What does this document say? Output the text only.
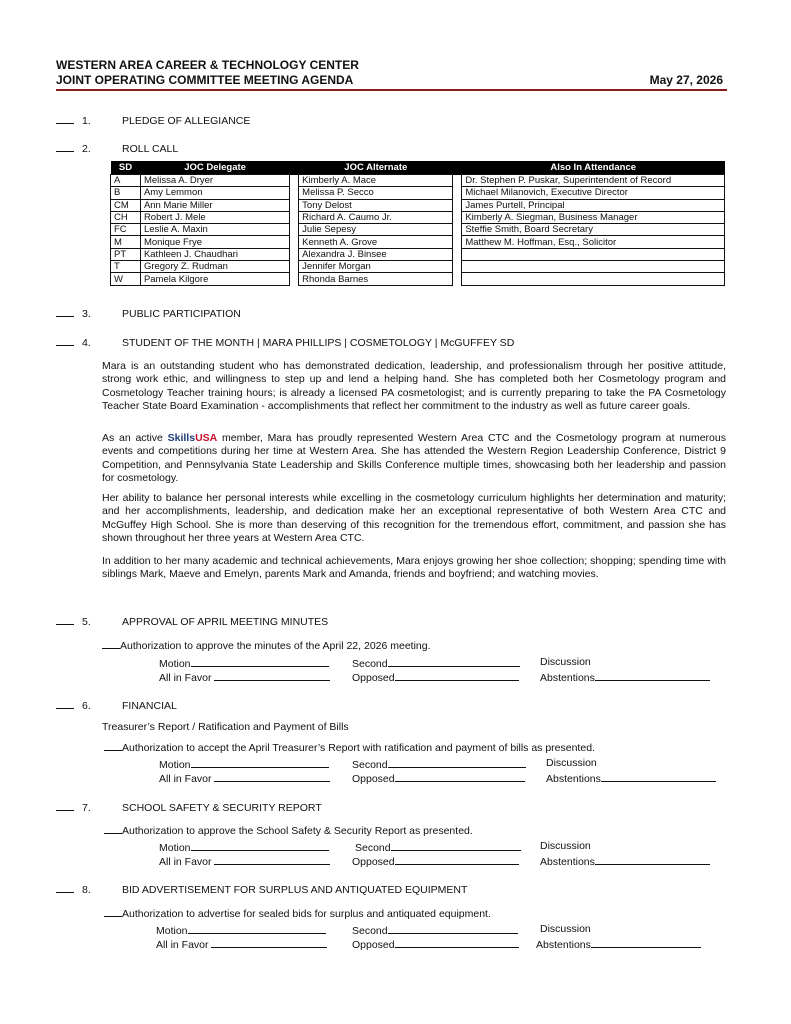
WESTERN AREA CAREER & TECHNOLOGY CENTER
JOINT OPERATING COMMITTEE MEETING AGENDA	May 27, 2026
1.	PLEDGE OF ALLEGIANCE
2.	ROLL CALL
SD	JOC Delegate		JOC Alternate		Also In Attendance
A	Melissa A. Dryer		Kimberly A. Mace		Dr. Stephen P. Puskar, Superintendent of Record
B	Amy Lemmon		Melissa P. Secco		Michael Milanovich, Executive Director
CM	Ann Marie Miller		Tony Delost		James Purtell, Principal
CH	Robert J. Mele		Richard A. Caumo Jr.		Kimberly A. Siegman, Business Manager
FC	Leslie A. Maxin		Julie Sepesy		Steffie Smith, Board Secretary
M	Monique Frye		Kenneth A. Grove		Matthew M. Hoffman, Esq., Solicitor
PT	Kathleen J. Chaudhari		Alexandra J. Binsee		
T	Gregory Z. Rudman		Jennifer Morgan		
W	Pamela Kilgore		Rhonda Barnes		
3.	PUBLIC PARTICIPATION
4.	STUDENT OF THE MONTH | MARA PHILLIPS | COSMETOLOGY | McGUFFEY SD

Mara is an outstanding student who has demonstrated dedication, leadership, and professionalism through her positive attitude, strong work ethic, and willingness to step up and lend a helping hand. She has completed both her Cosmetology program and Cosmetology Teacher training hours; is already a licensed PA cosmetologist; and is currently preparing to take the PA Cosmetology Teacher State Board Examination - accomplishments that reflect her commitment to the industry as well as future career goals.

As an active SkillsUSA member, Mara has proudly represented Western Area CTC and the Cosmetology program at numerous events and competitions during her time at Western Area. She has attended the Western Region Leadership Conference, District 9 Competition, and Pennsylvania State Leadership and Skills Conference multiple times, showcasing both her leadership and passion for cosmetology.

Her ability to balance her personal interests while excelling in the cosmetology curriculum highlights her determination and maturity; and her accomplishments, leadership, and dedication make her an exceptional representative of both Western Area CTC and McGuffey High School. She is more than deserving of this recognition for the tremendous effort, commitment, and passion she has shown throughout her three years at Western Area CTC.

In addition to her many academic and technical achievements, Mara enjoys growing her shoe collection; shopping; spending time with siblings Mark, Maeve and Emelyn, parents Mark and Amanda, friends and boyfriend; and watching movies.

5.	APPROVAL OF APRIL MEETING MINUTES
Authorization to approve the minutes of the April 22, 2026 meeting.
Motion	Second	Discussion
All in Favor	Opposed	Abstentions
6.	FINANCIAL
Treasurer’s Report / Ratification and Payment of Bills
Authorization to accept the April Treasurer’s Report with ratification and payment of bills as presented.
Motion	Second	Discussion
All in Favor	Opposed	Abstentions
7.	SCHOOL SAFETY & SECURITY REPORT
Authorization to approve the School Safety & Security Report as presented.
Motion	Second	Discussion
All in Favor	Opposed	Abstentions
8.	BID ADVERTISEMENT FOR SURPLUS AND ANTIQUATED EQUIPMENT
Authorization to advertise for sealed bids for surplus and antiquated equipment.
Motion	Second	Discussion
All in Favor	Opposed	Abstentions
